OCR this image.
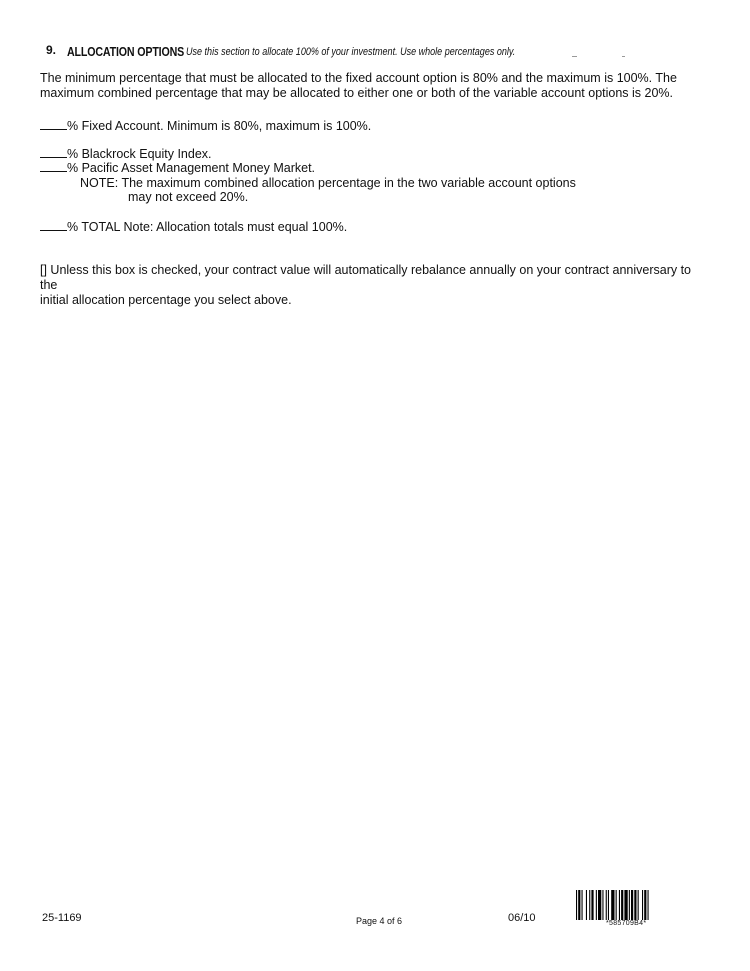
9. ALLOCATION OPTIONS Use this section to allocate 100% of your investment. Use whole percentages only.
The minimum percentage that must be allocated to the fixed account option is 80% and the maximum is 100%. The
maximum combined percentage that may be allocated to either one or both of the variable account options is 20%.
% Fixed Account. Minimum is 80%, maximum is 100%.
% Blackrock Equity Index.
% Pacific Asset Management Money Market.
NOTE: The maximum combined allocation percentage in the two variable account options
may not exceed 20%.
% TOTAL Note: Allocation totals must equal 100%.
[] Unless this box is checked, your contract value will automatically rebalance annually on your contract anniversary to the
initial allocation percentage you select above.
25-1169	Page 4 of 6	06/10	*585709B4*
